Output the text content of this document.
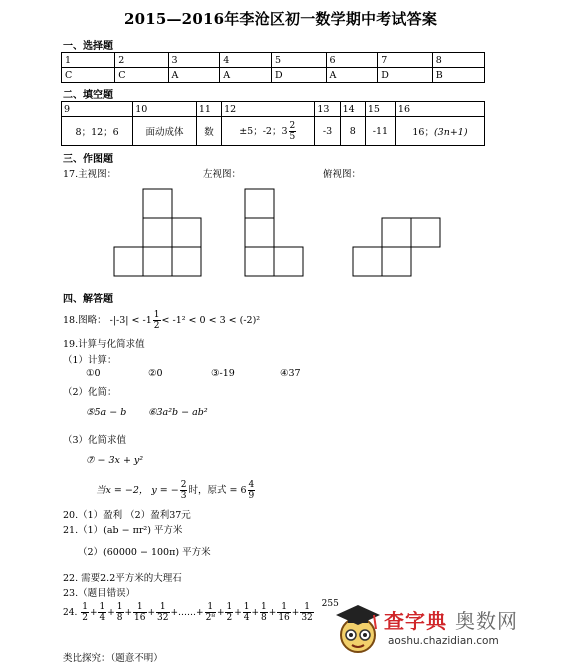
2015—2016年李沧区初一数学期中考试答案
一、选择题
1	2	3	4	5	6	7	8
C	C	A	A	D	A	D	B
二、填空题
9	10	11	12	13	14	15	16
8；12；6	面动成体	数	±5；-2；$3 \frac{2}{5}$	-3	8	-11	16；(3n+1)
三、作图题
17.主视图：	左视图：	俯视图：
四、解答题
18.图略： $-|-3| < -1 \frac{1}{2} < -1^2 < 0 < 3 < (-2)^2$
19.计算与化简求值
（1）计算：
①0	②0	③-19	④37
（2）化简：
⑤5a − b ⑥3a²b − ab²
（3）化简求值
⑦ − 3x + y²
当x = −2， y = − $\frac{2}{3}$ 时，原式 = $6 \frac{4}{9}$
20.（1）盈利 （2）盈利37元
21.（1）(ab − πr²) 平方米
（2）(60000 − 100π) 平方米
22. 需要2.2平方米的大理石
23.（题目错误）
24. $\frac{1}{2} + \frac{1}{4} + \frac{1}{8} + \frac{1}{16} + \frac{1}{32}$ +……+ $\frac{1}{\text{2⁸}} + \frac{1}{2} + \frac{1}{4} + \frac{1}{8} + \frac{1}{16} + \frac{1}{32} 255$
类比探究：（题意不明）
查字典 奥数网
aoshu.chazidian.com
